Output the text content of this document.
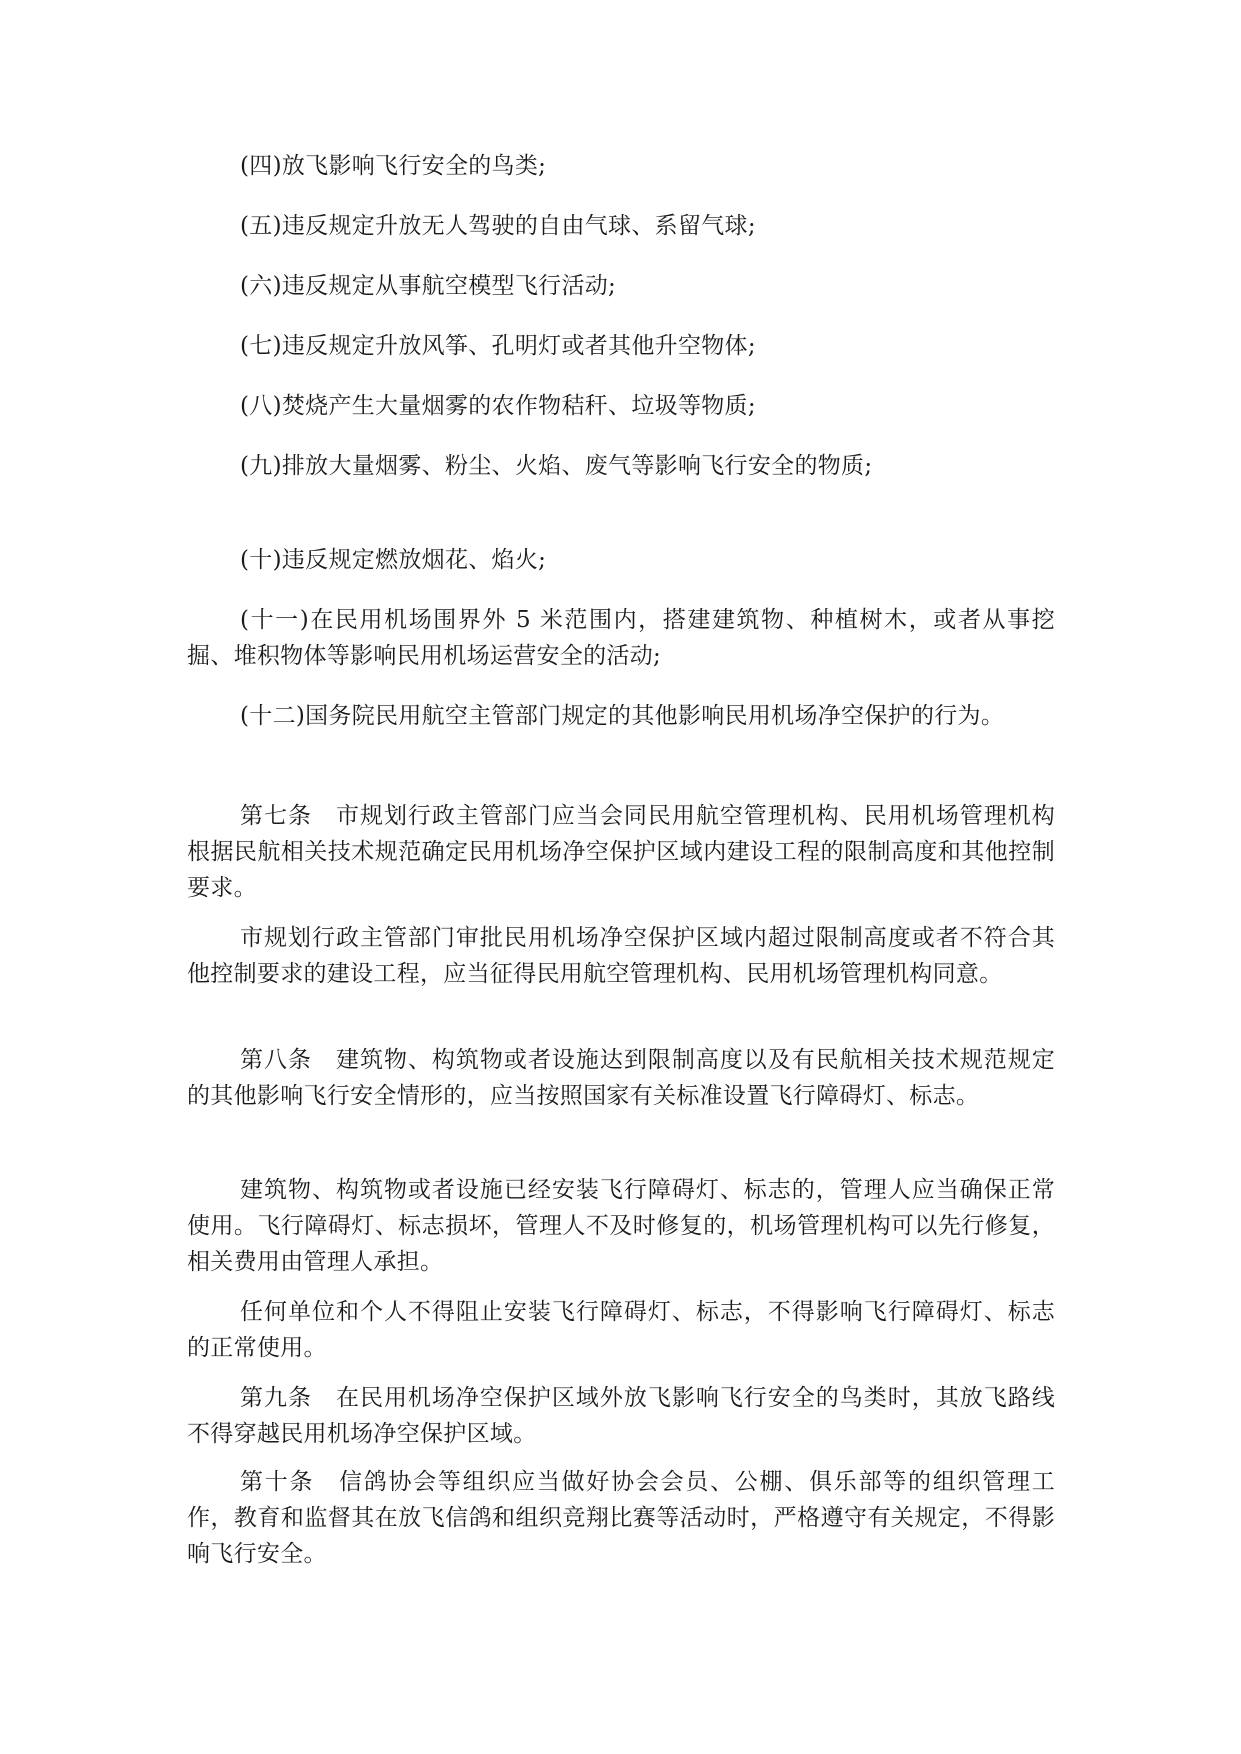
(四)放飞影响飞行安全的鸟类;

(五)违反规定升放无人驾驶的自由气球、系留气球;

(六)违反规定从事航空模型飞行活动;

(七)违反规定升放风筝、孔明灯或者其他升空物体;

(八)焚烧产生大量烟雾的农作物秸秆、垃圾等物质;

(九)排放大量烟雾、粉尘、火焰、废气等影响飞行安全的物质;

(十)违反规定燃放烟花、焰火;

(十一)在民用机场围界外 5 米范围内，搭建建筑物、种植树木，或者从事挖掘、堆积物体等影响民用机场运营安全的活动;

(十二)国务院民用航空主管部门规定的其他影响民用机场净空保护的行为。

第七条　市规划行政主管部门应当会同民用航空管理机构、民用机场管理机构根据民航相关技术规范确定民用机场净空保护区域内建设工程的限制高度和其他控制要求。

市规划行政主管部门审批民用机场净空保护区域内超过限制高度或者不符合其他控制要求的建设工程，应当征得民用航空管理机构、民用机场管理机构同意。

第八条　建筑物、构筑物或者设施达到限制高度以及有民航相关技术规范规定的其他影响飞行安全情形的，应当按照国家有关标准设置飞行障碍灯、标志。

建筑物、构筑物或者设施已经安装飞行障碍灯、标志的，管理人应当确保正常使用。飞行障碍灯、标志损坏，管理人不及时修复的，机场管理机构可以先行修复，相关费用由管理人承担。

任何单位和个人不得阻止安装飞行障碍灯、标志，不得影响飞行障碍灯、标志的正常使用。

第九条　在民用机场净空保护区域外放飞影响飞行安全的鸟类时，其放飞路线不得穿越民用机场净空保护区域。

第十条　信鸽协会等组织应当做好协会会员、公棚、俱乐部等的组织管理工作，教育和监督其在放飞信鸽和组织竞翔比赛等活动时，严格遵守有关规定，不得影响飞行安全。
